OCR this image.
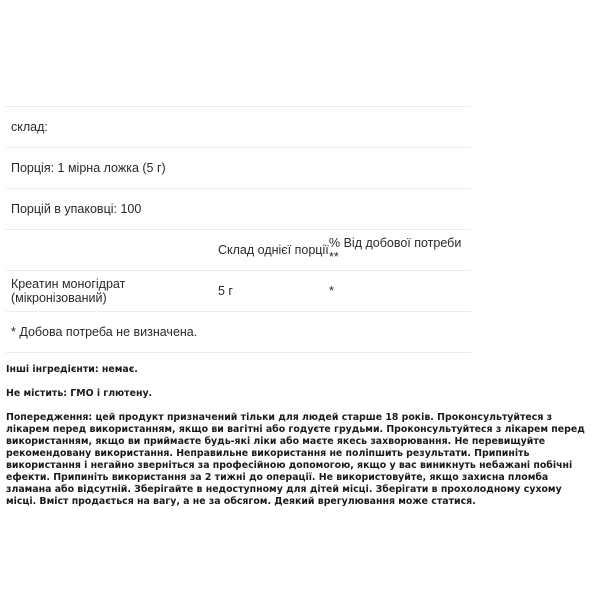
склад:
Порція: 1 мірна ложка (5 г)
Порцій в упаковці: 100
Склад однієї порції % Від добової потреби **
Креатин моногідрат (мікронізований)	5 г	*
* Добова потреба не визначена.

Інші інгредієнти: немає.

Не містить: ГМО і глютену.

Попередження: цей продукт призначений тільки для людей старше 18 років. Проконсультуйтеся з лікарем перед використанням, якщо ви вагітні або годуєте грудьми. Проконсультуйтеся з лікарем перед використанням, якщо ви приймаєте будь-які ліки або маєте якесь захворювання. Не перевищуйте рекомендовану використання. Неправильне використання не поліпшить результати. Припиніть використання і негайно зверніться за професійною допомогою, якщо у вас виникнуть небажані побічні ефекти. Припиніть використання за 2 тижні до операції. Не використовуйте, якщо захисна пломба зламана або відсутній. Зберігайте в недоступному для дітей місці. Зберігати в прохолодному сухому місці. Вміст продається на вагу, а не за обсягом. Деякий врегулювання може статися.
